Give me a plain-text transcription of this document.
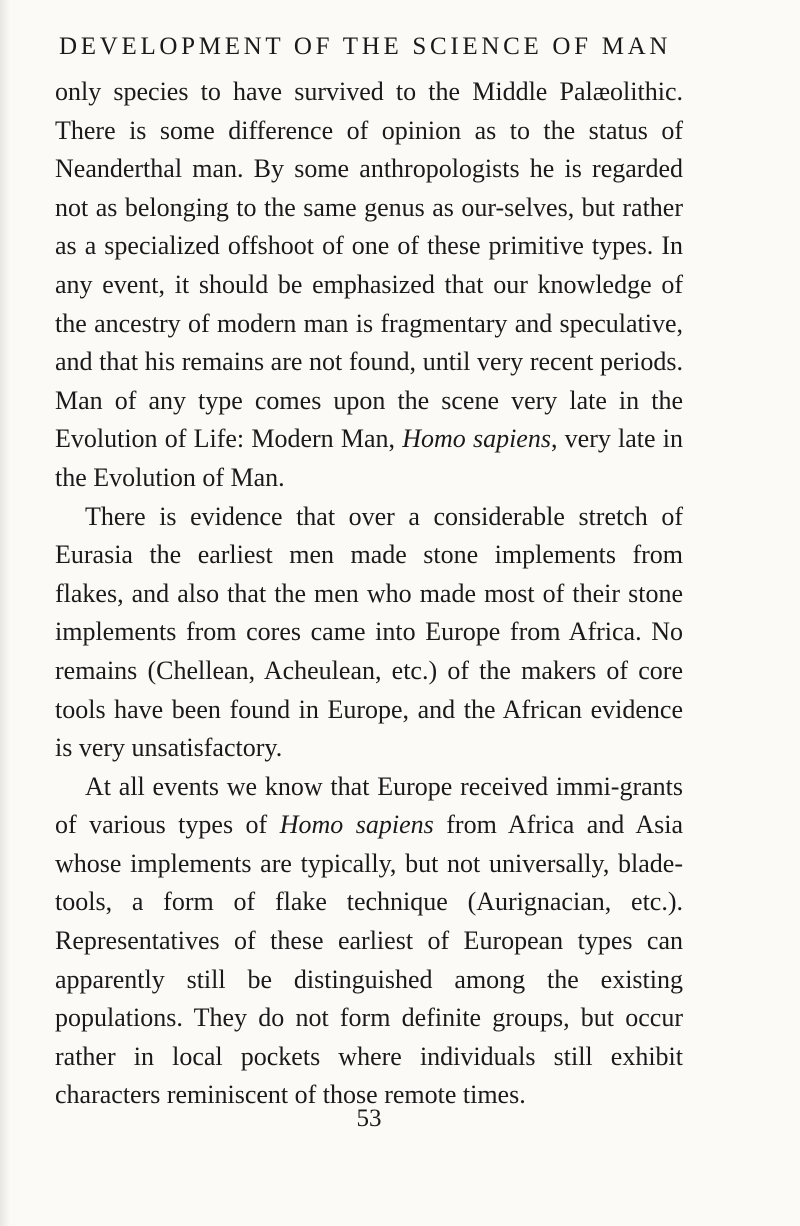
DEVELOPMENT OF THE SCIENCE OF MAN

only species to have survived to the Middle Palæolithic. There is some difference of opinion as to the status of Neanderthal man. By some anthropologists he is regarded not as belonging to the same genus as our-selves, but rather as a specialized offshoot of one of these primitive types. In any event, it should be emphasized that our knowledge of the ancestry of modern man is fragmentary and speculative, and that his remains are not found, until very recent periods. Man of any type comes upon the scene very late in the Evolution of Life: Modern Man, Homo sapiens, very late in the Evolution of Man.

There is evidence that over a considerable stretch of Eurasia the earliest men made stone implements from flakes, and also that the men who made most of their stone implements from cores came into Europe from Africa. No remains (Chellean, Acheulean, etc.) of the makers of core tools have been found in Europe, and the African evidence is very unsatisfactory.

At all events we know that Europe received immi-grants of various types of Homo sapiens from Africa and Asia whose implements are typically, but not universally, blade-tools, a form of flake technique (Aurignacian, etc.). Representatives of these earliest of European types can apparently still be distinguished among the existing populations. They do not form definite groups, but occur rather in local pockets where individuals still exhibit characters reminiscent of those remote times.

53
